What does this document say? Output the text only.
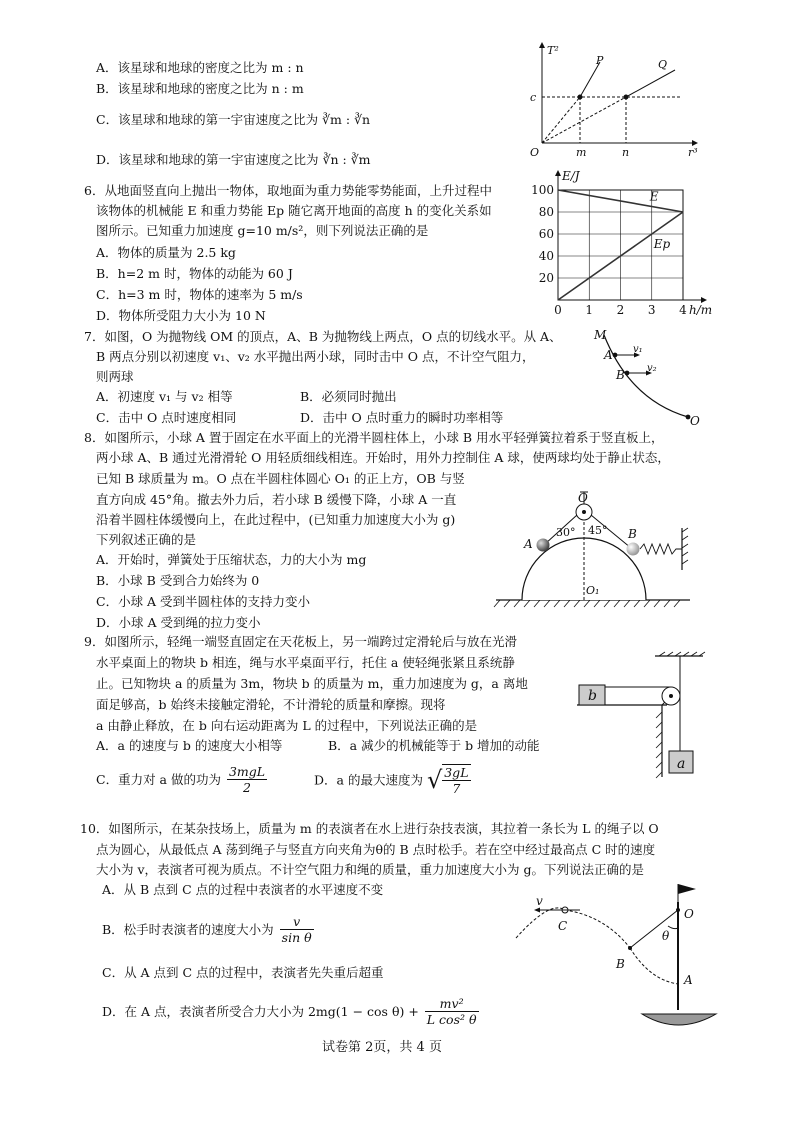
A．该星球和地球的密度之比为 m : n
B．该星球和地球的密度之比为 n : m
C．该星球和地球的第一宇宙速度之比为 ∛m : ∛n
D．该星球和地球的第一宇宙速度之比为 ∛n : ∛m
T²
r³
c
m	n
O
P	Q
6．从地面竖直向上抛出一物体，取地面为重力势能零势能面，上升过程中
该物体的机械能 E 和重力势能 Ep 随它离开地面的高度 h 的变化关系如
图所示。已知重力加速度 g=10 m/s²，则下列说法正确的是
A．物体的质量为 2.5 kg
B．h=2 m 时，物体的动能为 60 J
C．h=3 m 时，物体的速率为 5 m/s
D．物体所受阻力大小为 10 N	0 1 2 3 4
20
40
60
80
100
h/m
E/J
E
Ep
7．如图，O 为抛物线 OM 的顶点，A、B 为抛物线上两点，O 点的切线水平。从 A、
B 两点分别以初速度 v₁、v₂ 水平抛出两小球，同时击中 O 点，不计空气阻力，
则两球
A．初速度 v₁ 与 v₂ 相等	B．必须同时抛出
C．击中 O 点时速度相同	D．击中 O 点时重力的瞬时功率相等
M
A
B
O
v₁
v₂
8．如图所示，小球 A 置于固定在水平面上的光滑半圆柱体上，小球 B 用水平轻弹簧拉着系于竖直板上，
两小球 A、B 通过光滑滑轮 O 用轻质细线相连。开始时，用外力控制住 A 球，使两球均处于静止状态，
已知 B 球质量为 m。O 点在半圆柱体圆心 O₁ 的正上方，OB 与竖
直方向成 45°角。撤去外力后，若小球 B 缓慢下降，小球 A 一直
沿着半圆柱体缓慢向上，在此过程中，(已知重力加速度大小为 g)
下列叙述正确的是
A．开始时，弹簧处于压缩状态，力的大小为 mg
B．小球 B 受到合力始终为 0
C．小球 A 受到半圆柱体的支持力变小
D．小球 A 受到绳的拉力变小
O
A
B
O₁
30° 45°
9．如图所示，轻绳一端竖直固定在天花板上，另一端跨过定滑轮后与放在光滑
水平桌面上的物块 b 相连，绳与水平桌面平行，托住 a 使轻绳张紧且系统静
止。已知物块 a 的质量为 3m，物块 b 的质量为 m，重力加速度为 g，a 离地
面足够高，b 始终未接触定滑轮，不计滑轮的质量和摩擦。现将
a 由静止释放，在 b 向右运动距离为 L 的过程中，下列说法正确的是
A．a 的速度与 b 的速度大小相等	B．a 减少的机械能等于 b 增加的动能
C．重力对 a 做的功为 $\frac{\text{3mgL}}{2}$	D．a 的最大速度为 √ $\frac{3gL}{7}$
b
a
10．如图所示，在某杂技场上，质量为 m 的表演者在水上进行杂技表演，其拉着一条长为 L 的绳子以 O
点为圆心，从最低点 A 荡到绳子与竖直方向夹角为θ的 B 点时松手。若在空中经过最高点 C 时的速度
大小为 v，表演者可视为质点。不计空气阻力和绳的质量，重力加速度大小为 g。下列说法正确的是
A．从 B 点到 C 点的过程中表演者的水平速度不变
B．松手时表演者的速度大小为 $\frac{v}{\text{sin θ}}$
C．从 A 点到 C 点的过程中，表演者先失重后超重
D．在 A 点，表演者所受合力大小为 $2mg(1 - \cos \theta) + \frac{\text{mv²}}{\text{L cos² θ}}$
v
C
O
B
A
θ
试卷第 2页，共 4 页
